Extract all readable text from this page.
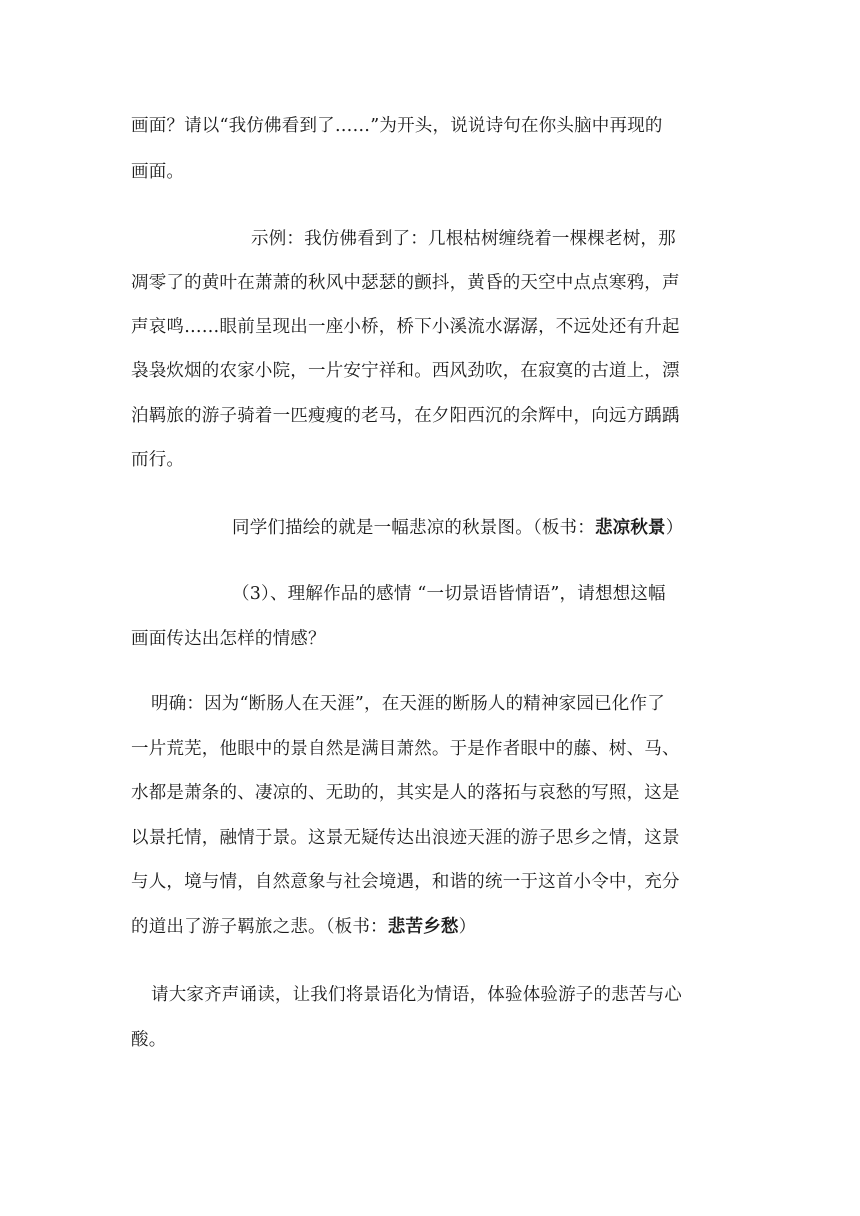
画面？请以“我仿佛看到了……”为开头，说说诗句在你头脑中再现的
画面。
示例：我仿佛看到了：几根枯树缠绕着一棵棵老树，那
凋零了的黄叶在萧萧的秋风中瑟瑟的颤抖，黄昏的天空中点点寒鸦，声
声哀鸣……眼前呈现出一座小桥，桥下小溪流水潺潺，不远处还有升起
袅袅炊烟的农家小院，一片安宁祥和。西风劲吹，在寂寞的古道上，漂
泊羁旅的游子骑着一匹瘦瘦的老马，在夕阳西沉的余辉中，向远方踽踽
而行。
同学们描绘的就是一幅悲凉的秋景图。（板书：悲凉秋景）
（3）、理解作品的感情 “一切景语皆情语”，请想想这幅
画面传达出怎样的情感？
明确：因为“断肠人在天涯”，在天涯的断肠人的精神家园已化作了
一片荒芜，他眼中的景自然是满目萧然。于是作者眼中的藤、树、马、
水都是萧条的、凄凉的、无助的，其实是人的落拓与哀愁的写照，这是
以景托情，融情于景。这景无疑传达出浪迹天涯的游子思乡之情，这景
与人，境与情，自然意象与社会境遇，和谐的统一于这首小令中，充分
的道出了游子羁旅之悲。（板书：悲苦乡愁）
请大家齐声诵读，让我们将景语化为情语，体验体验游子的悲苦与心
酸。
